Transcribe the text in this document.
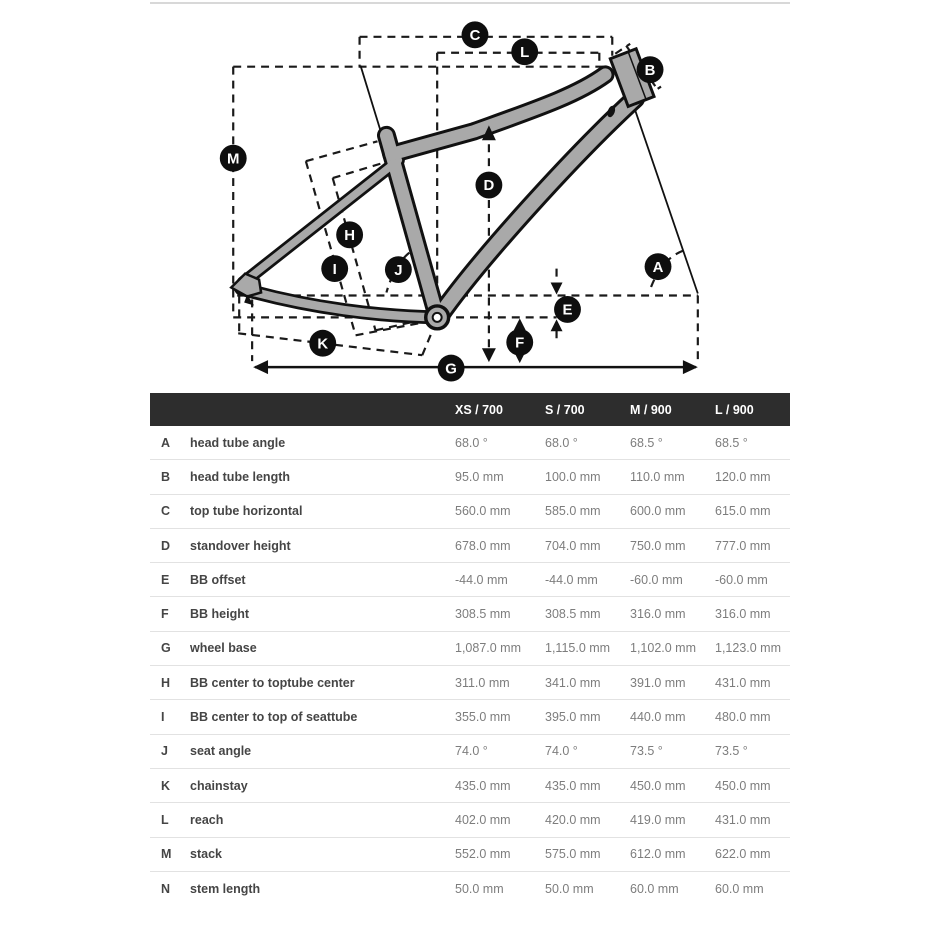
A
B
C
D
E
F
G
H
I	J
K
L
M
XS / 700	S / 700	M / 900	L / 900
A	head tube angle	68.0 °	68.0 °	68.5 °	68.5 °
B	head tube length	95.0 mm	100.0 mm	110.0 mm	120.0 mm
C	top tube horizontal	560.0 mm	585.0 mm	600.0 mm	615.0 mm
D	standover height	678.0 mm	704.0 mm	750.0 mm	777.0 mm
E	BB offset	-44.0 mm	-44.0 mm	-60.0 mm	-60.0 mm
F	BB height	308.5 mm	308.5 mm	316.0 mm	316.0 mm
G	wheel base	1,087.0 mm	1,115.0 mm	1,102.0 mm	1,123.0 mm
H	BB center to toptube center	311.0 mm	341.0 mm	391.0 mm	431.0 mm
I	BB center to top of seattube	355.0 mm	395.0 mm	440.0 mm	480.0 mm
J	seat angle	74.0 °	74.0 °	73.5 °	73.5 °
K	chainstay	435.0 mm	435.0 mm	450.0 mm	450.0 mm
L	reach	402.0 mm	420.0 mm	419.0 mm	431.0 mm
M	stack	552.0 mm	575.0 mm	612.0 mm	622.0 mm
N	stem length	50.0 mm	50.0 mm	60.0 mm	60.0 mm
